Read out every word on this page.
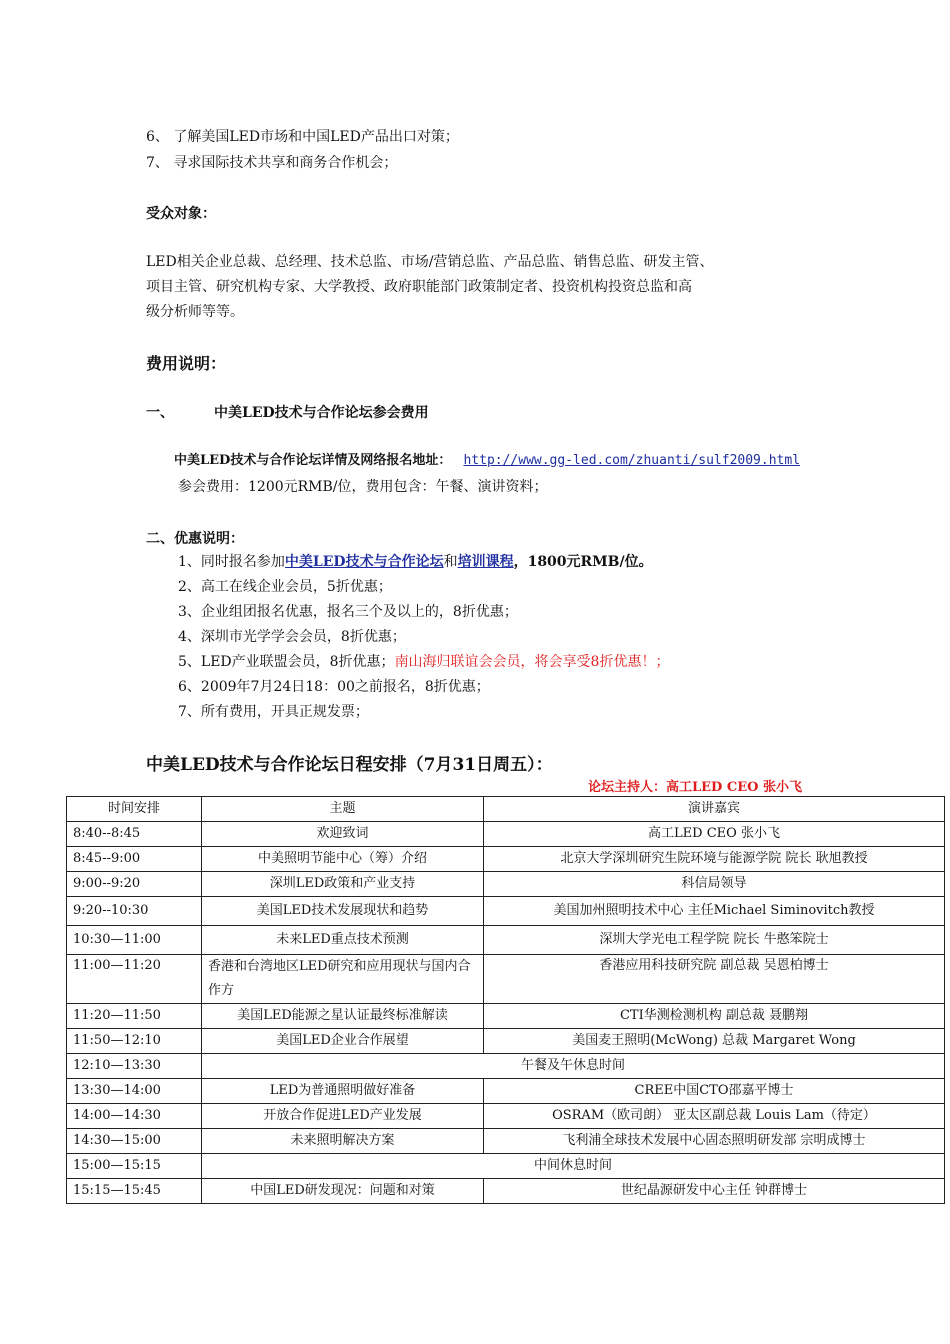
6、 了解美国LED市场和中国LED产品出口对策；
7、 寻求国际技术共享和商务合作机会；
受众对象：
LED相关企业总裁、总经理、技术总监、市场/营销总监、产品总监、销售总监、研发主管、
项目主管、研究机构专家、大学教授、政府职能部门政策制定者、投资机构投资总监和高
级分析师等等。
费用说明：
一、	中美LED技术与合作论坛参会费用
中美LED技术与合作论坛详情及网络报名地址： http://www.gg-led.com/zhuanti/sulf2009.html
参会费用：1200元RMB/位，费用包含：午餐、演讲资料；
二、优惠说明：
1、同时报名参加中美LED技术与合作论坛和培训课程，1800元RMB/位。
2、高工在线企业会员，5折优惠；
3、企业组团报名优惠，报名三个及以上的，8折优惠；
4、深圳市光学学会会员，8折优惠；
5、LED产业联盟会员，8折优惠；南山海归联谊会会员，将会享受8折优惠！；
6、2009年7月24日18：00之前报名，8折优惠；
7、所有费用，开具正规发票；
中美LED技术与合作论坛日程安排（7月31日周五）：
论坛主持人：高工LED CEO 张小飞
时间安排	主题	演讲嘉宾
8:40--8:45	欢迎致词	高工LED CEO 张小飞
8:45--9:00	中美照明节能中心（筹）介绍	北京大学深圳研究生院环境与能源学院 院长 耿旭教授
9:00--9:20	深圳LED政策和产业支持	科信局领导
9:20--10:30	美国LED技术发展现状和趋势	美国加州照明技术中心 主任Michael Siminovitch教授
10:30—11:00	未来LED重点技术预测	深圳大学光电工程学院 院长 牛憨笨院士
11:00—11:20	香港和台湾地区LED研究和应用现状与国内合作方	香港应用科技研究院 副总裁 吴恩柏博士
11:20—11:50	美国LED能源之星认证最终标准解读	CTI华测检测机构 副总裁 聂鹏翔
11:50—12:10	美国LED企业合作展望	美国麦王照明(McWong) 总裁 Margaret Wong
12:10—13:30	午餐及午休息时间	
13:30—14:00	LED为普通照明做好准备	CREE中国CTO邵嘉平博士
14:00—14:30	开放合作促进LED产业发展	OSRAM（欧司朗） 亚太区副总裁 Louis Lam（待定）
14:30—15:00	未来照明解决方案	飞利浦全球技术发展中心固态照明研发部 宗明成博士
15:00—15:15	中间休息时间	
15:15—15:45	中国LED研发现况：问题和对策	世纪晶源研发中心主任 钟群博士
